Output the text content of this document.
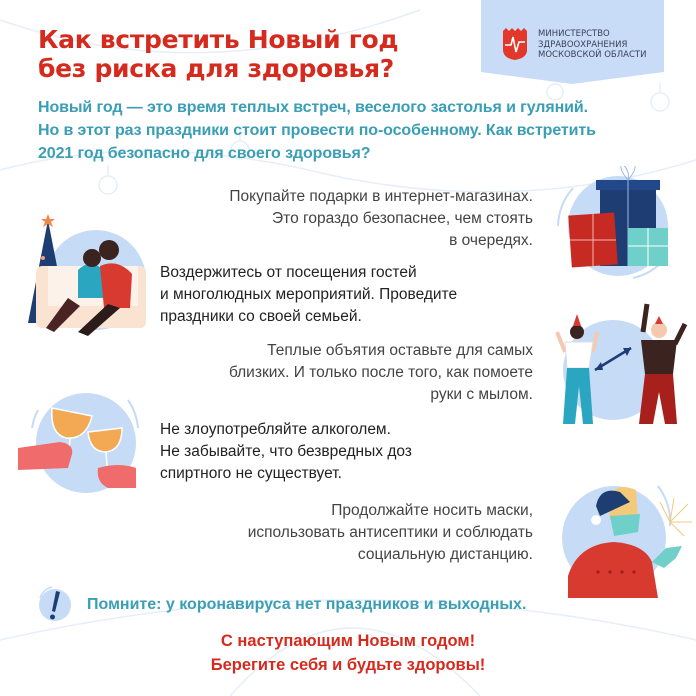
Как встретить Новый год
без риска для здоровья?
МИНИСТЕРСТВО
ЗДРАВООХРАНЕНИЯ
МОСКОВСКОЙ ОБЛАСТИ
Новый год — это время теплых встреч, веселого застолья и гуляний.
Но в этот раз праздники стоит провести по-особенному. Как встретить
2021 год безопасно для своего здоровья?
Покупайте подарки в интернет-магазинах.
Это гораздо безопаснее, чем стоять
в очередях.
Воздержитесь от посещения гостей
и многолюдных мероприятий. Проведите
праздники со своей семьей.
Теплые объятия оставьте для самых
близких. И только после того, как помоете
руки с мылом.
Не злоупотребляйте алкоголем.
Не забывайте, что безвредных доз
спиртного не существует.
Продолжайте носить маски,
использовать антисептики и соблюдать
социальную дистанцию.
Помните: у коронавируса нет праздников и выходных.
С наступающим Новым годом!
Берегите себя и будьте здоровы!
